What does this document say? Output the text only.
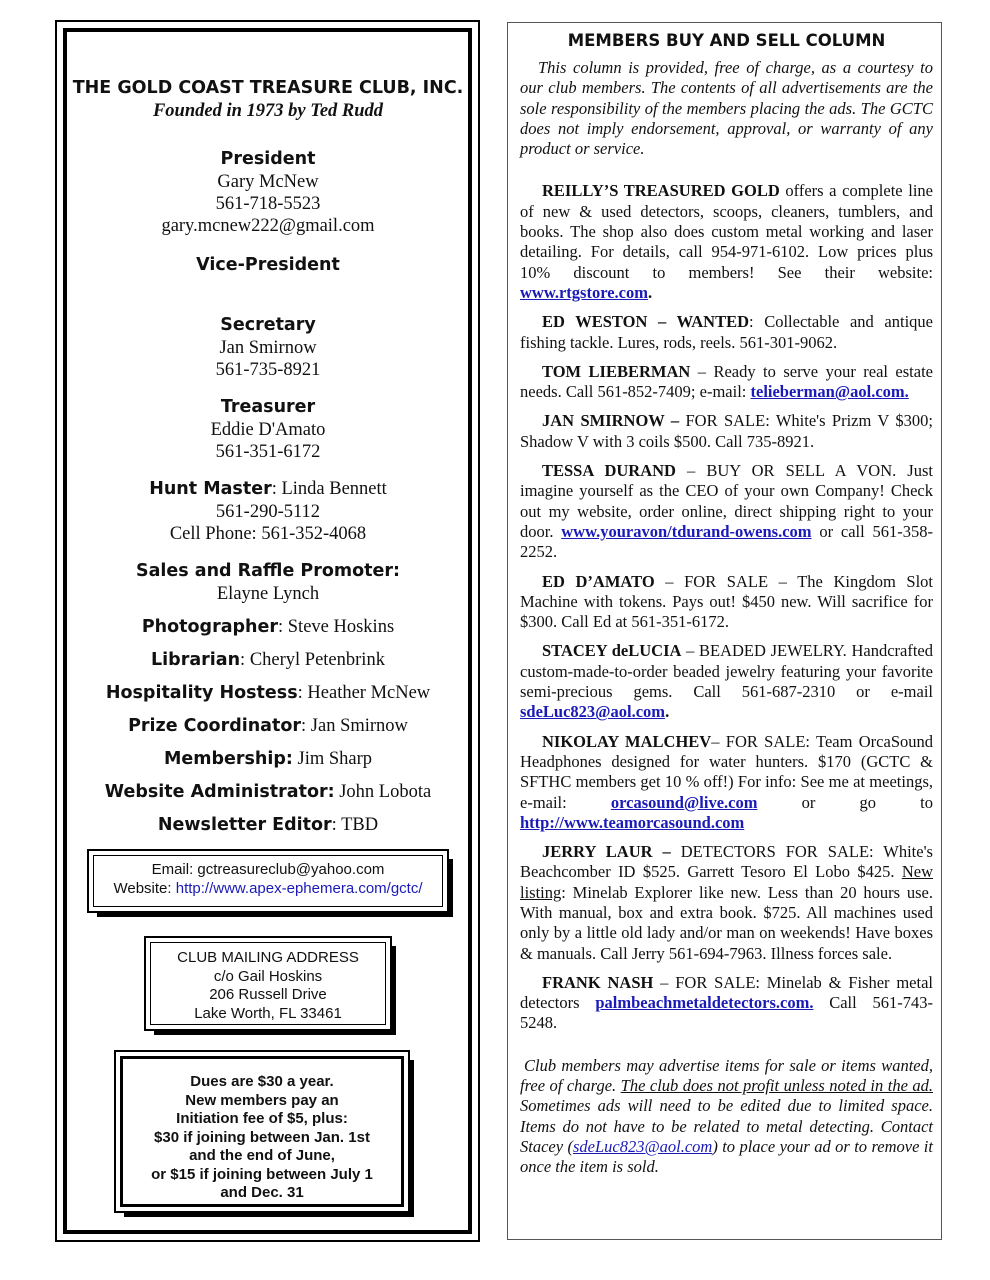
THE GOLD COAST TREASURE CLUB, INC.
Founded in 1973 by Ted Rudd
President
Gary McNew
561-718-5523
gary.mcnew222@gmail.com
Vice-President
Secretary
Jan Smirnow
561-735-8921
Treasurer
Eddie D'Amato
561-351-6172
Hunt Master: Linda Bennett
561-290-5112
Cell Phone: 561-352-4068
Sales and Raffle Promoter:
Elayne Lynch
Photographer: Steve Hoskins
Librarian: Cheryl Petenbrink
Hospitality Hostess: Heather McNew
Prize Coordinator: Jan Smirnow
Membership: Jim Sharp
Website Administrator: John Lobota
Newsletter Editor: TBD
Email: gctreasureclub@yahoo.com
Website: http://www.apex-ephemera.com/gctc/
CLUB MAILING ADDRESS
c/o Gail Hoskins
206 Russell Drive
Lake Worth, FL 33461
Dues are $30 a year.
New members pay an
Initiation fee of $5, plus:
$30 if joining between Jan. 1st
and the end of June,
or $15 if joining between July 1
and Dec. 31
MEMBERS BUY AND SELL COLUMN

This column is provided, free of charge, as a courtesy to our club members. The contents of all advertisements are the sole responsibility of the members placing the ads. The GCTC does not imply endorsement, approval, or warranty of any product or service.

REILLY’S TREASURED GOLD offers a complete line of new & used detectors, scoops, cleaners, tumblers, and books. The shop also does custom metal working and laser detailing. For details, call 954-971-6102. Low prices plus 10% discount to members! See their website: www.rtgstore.com.

ED WESTON – WANTED: Collectable and antique fishing tackle. Lures, rods, reels. 561-301-9062.

TOM LIEBERMAN – Ready to serve your real estate needs. Call 561-852-7409; e-mail: telieberman@aol.com.

JAN SMIRNOW – FOR SALE: White's Prizm V $300; Shadow V with 3 coils $500. Call 735-8921.

TESSA DURAND – BUY OR SELL A VON. Just imagine yourself as the CEO of your own Company! Check out my website, order online, direct shipping right to your door. www.youravon/tdurand-owens.com or call 561-358-2252.

ED D’AMATO – FOR SALE – The Kingdom Slot Machine with tokens. Pays out! $450 new. Will sacrifice for $300. Call Ed at 561-351-6172.

STACEY deLUCIA – BEADED JEWELRY. Handcrafted custom-made-to-order beaded jewelry featuring your favorite semi-precious gems. Call 561-687-2310 or e-mail sdeLuc823@aol.com.

NIKOLAY MALCHEV– FOR SALE: Team OrcaSound Headphones designed for water hunters. $170 (GCTC & SFTHC members get 10 % off!) For info: See me at meetings, e-mail: orcasound@live.com or go to http://www.teamorcasound.com

JERRY LAUR – DETECTORS FOR SALE: White's Beachcomber ID $525. Garrett Tesoro El Lobo $425. New listing: Minelab Explorer like new. Less than 20 hours use. With manual, box and extra book. $725. All machines used only by a little old lady and/or man on weekends! Have boxes & manuals. Call Jerry 561-694-7963. Illness forces sale.

FRANK NASH – FOR SALE: Minelab & Fisher metal detectors palmbeachmetaldetectors.com. Call 561-743-5248.

Club members may advertise items for sale or items wanted, free of charge. The club does not profit unless noted in the ad. Sometimes ads will need to be edited due to limited space. Items do not have to be related to metal detecting. Contact Stacey (sdeLuc823@aol.com) to place your ad or to remove it once the item is sold.
